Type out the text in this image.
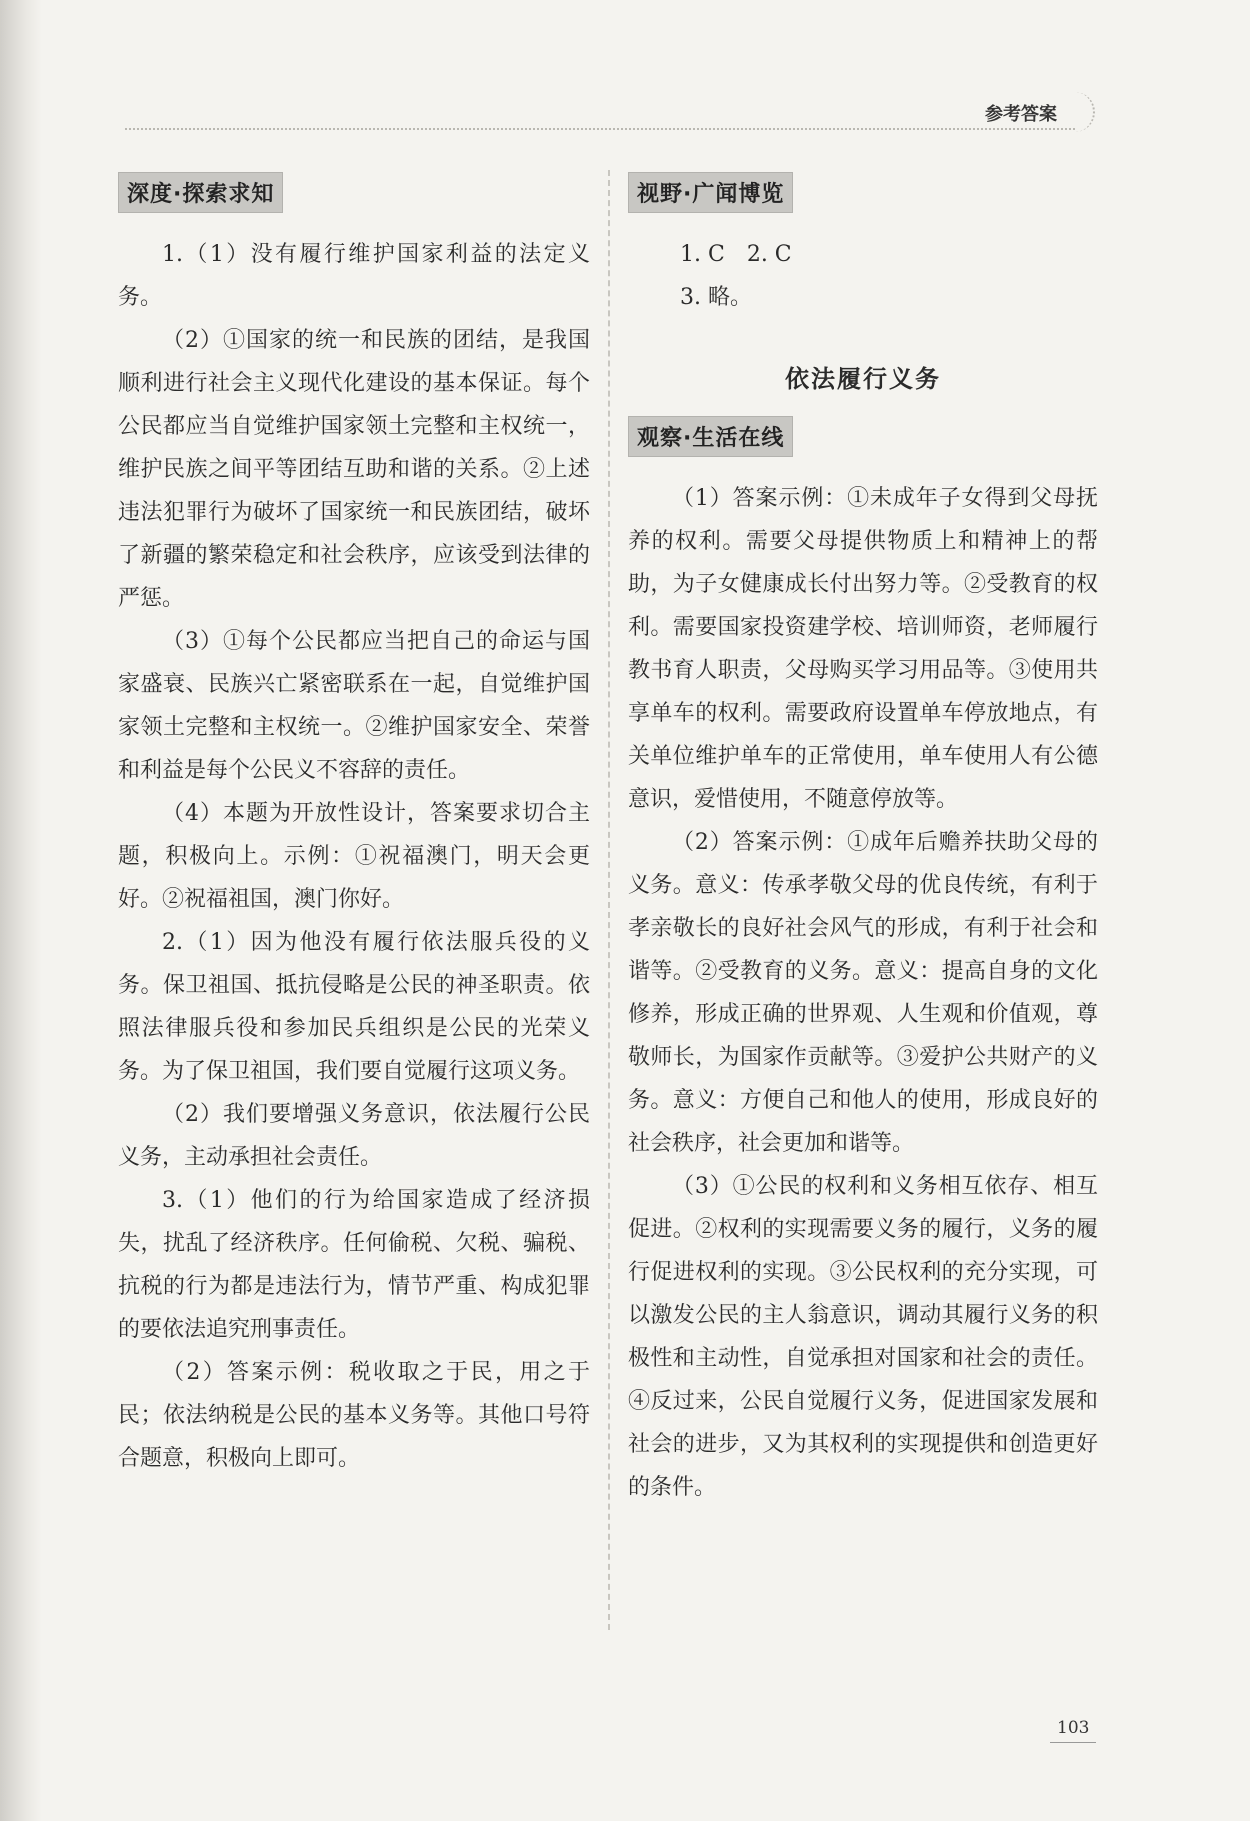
参考答案
深度·探索求知

1.（1）没有履行维护国家利益的法定义务。

（2）①国家的统一和民族的团结，是我国顺利进行社会主义现代化建设的基本保证。每个公民都应当自觉维护国家领土完整和主权统一，维护民族之间平等团结互助和谐的关系。②上述违法犯罪行为破坏了国家统一和民族团结，破坏了新疆的繁荣稳定和社会秩序，应该受到法律的严惩。

（3）①每个公民都应当把自己的命运与国家盛衰、民族兴亡紧密联系在一起，自觉维护国家领土完整和主权统一。②维护国家安全、荣誉和利益是每个公民义不容辞的责任。

（4）本题为开放性设计，答案要求切合主题，积极向上。示例：①祝福澳门，明天会更好。②祝福祖国，澳门你好。

2.（1）因为他没有履行依法服兵役的义务。保卫祖国、抵抗侵略是公民的神圣职责。依照法律服兵役和参加民兵组织是公民的光荣义务。为了保卫祖国，我们要自觉履行这项义务。

（2）我们要增强义务意识，依法履行公民义务，主动承担社会责任。

3.（1）他们的行为给国家造成了经济损失，扰乱了经济秩序。任何偷税、欠税、骗税、抗税的行为都是违法行为，情节严重、构成犯罪的要依法追究刑事责任。

（2）答案示例：税收取之于民，用之于民；依法纳税是公民的基本义务等。其他口号符合题意，积极向上即可。

视野·广闻博览
1. C　2. C
3. 略。
依法履行义务
观察·生活在线

（1）答案示例：①未成年子女得到父母抚养的权利。需要父母提供物质上和精神上的帮助，为子女健康成长付出努力等。②受教育的权利。需要国家投资建学校、培训师资，老师履行教书育人职责，父母购买学习用品等。③使用共享单车的权利。需要政府设置单车停放地点，有关单位维护单车的正常使用，单车使用人有公德意识，爱惜使用，不随意停放等。

（2）答案示例：①成年后赡养扶助父母的义务。意义：传承孝敬父母的优良传统，有利于孝亲敬长的良好社会风气的形成，有利于社会和谐等。②受教育的义务。意义：提高自身的文化修养，形成正确的世界观、人生观和价值观，尊敬师长，为国家作贡献等。③爱护公共财产的义务。意义：方便自己和他人的使用，形成良好的社会秩序，社会更加和谐等。

（3）①公民的权利和义务相互依存、相互促进。②权利的实现需要义务的履行，义务的履行促进权利的实现。③公民权利的充分实现，可以激发公民的主人翁意识，调动其履行义务的积极性和主动性，自觉承担对国家和社会的责任。④反过来，公民自觉履行义务，促进国家发展和社会的进步，又为其权利的实现提供和创造更好的条件。

103
